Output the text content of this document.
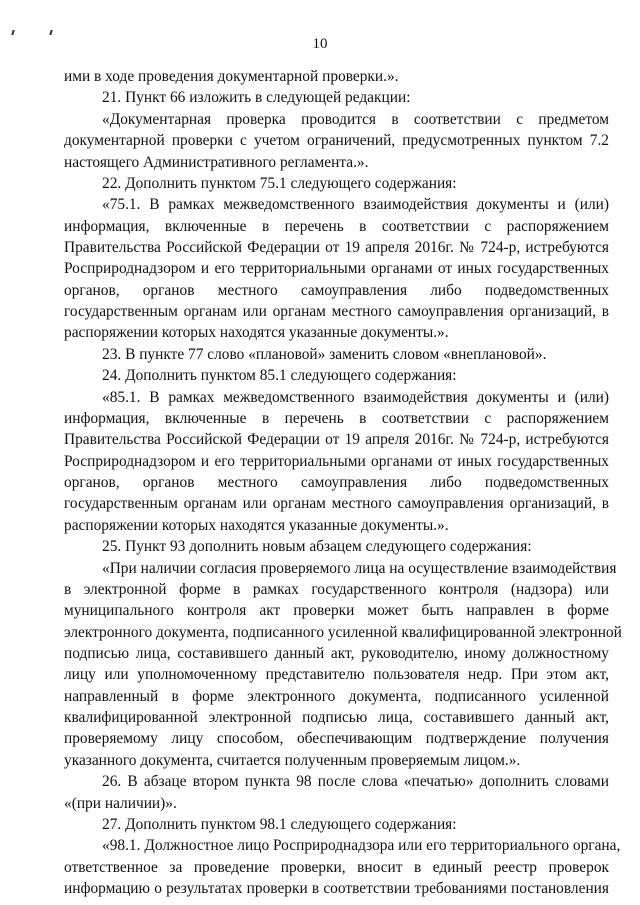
10
ими в ходе проведения документарной проверки.».
21. Пункт 66 изложить в следующей редакции:
«Документарная проверка проводится в соответствии с предметом
документарной проверки с учетом ограничений, предусмотренных пунктом 7.2
настоящего Административного регламента.».
22. Дополнить пунктом 75.1 следующего содержания:
«75.1. В рамках межведомственного взаимодействия документы и (или)
информация, включенные в перечень в соответствии с распоряжением
Правительства Российской Федерации от 19 апреля 2016г. № 724-р, истребуются
Росприроднадзором и его территориальными органами от иных государственных
органов, органов местного самоуправления либо подведомственных
государственным органам или органам местного самоуправления организаций, в
распоряжении которых находятся указанные документы.».
23. В пункте 77 слово «плановой» заменить словом «внеплановой».
24. Дополнить пунктом 85.1 следующего содержания:
«85.1. В рамках межведомственного взаимодействия документы и (или)
информация, включенные в перечень в соответствии с распоряжением
Правительства Российской Федерации от 19 апреля 2016г. № 724-р, истребуются
Росприроднадзором и его территориальными органами от иных государственных
органов, органов местного самоуправления либо подведомственных
государственным органам или органам местного самоуправления организаций, в
распоряжении которых находятся указанные документы.».
25. Пункт 93 дополнить новым абзацем следующего содержания:
«При наличии согласия проверяемого лица на осуществление взаимодействия
в электронной форме в рамках государственного контроля (надзора) или
муниципального контроля акт проверки может быть направлен в форме
электронного документа, подписанного усиленной квалифицированной электронной
подписью лица, составившего данный акт, руководителю, иному должностному
лицу или уполномоченному представителю пользователя недр. При этом акт,
направленный в форме электронного документа, подписанного усиленной
квалифицированной электронной подписью лица, составившего данный акт,
проверяемому лицу способом, обеспечивающим подтверждение получения
указанного документа, считается полученным проверяемым лицом.».
26. В абзаце втором пункта 98 после слова «печатью» дополнить словами
«(при наличии)».
27. Дополнить пунктом 98.1 следующего содержания:
«98.1. Должностное лицо Росприроднадзора или его территориального органа,
ответственное за проведение проверки, вносит в единый реестр проверок
информацию о результатах проверки в соответствии требованиями постановления
